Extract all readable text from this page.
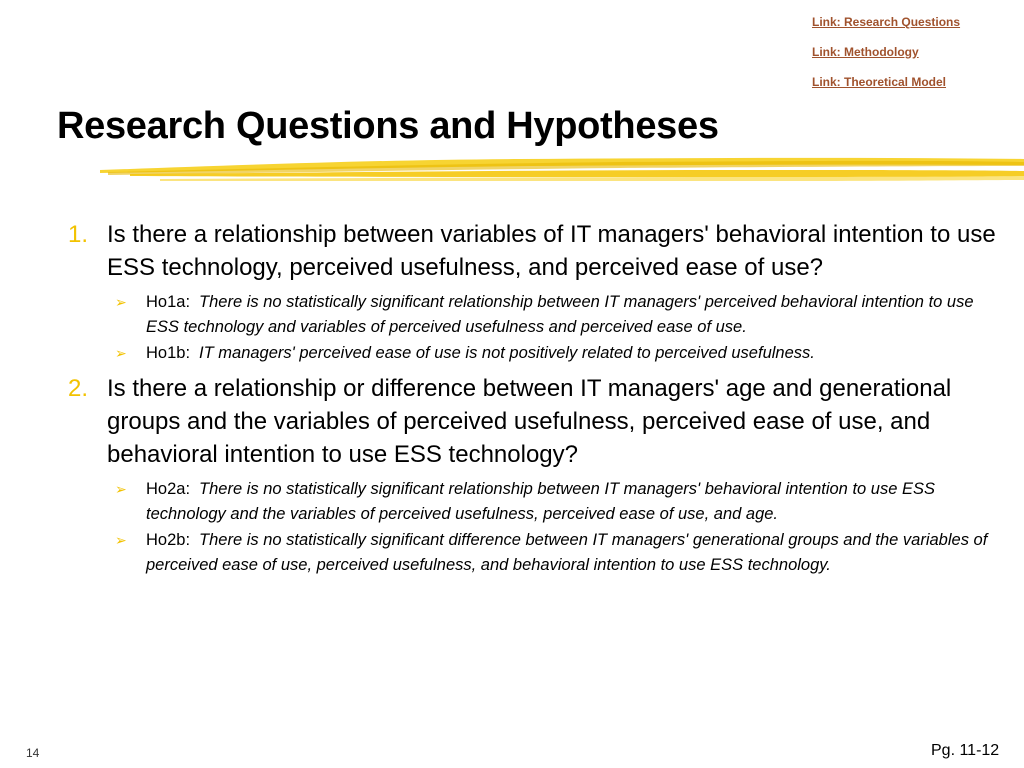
Link: Research Questions
Link: Methodology
Link: Theoretical Model
Research Questions and Hypotheses
1. Is there a relationship between variables of IT managers' behavioral intention to use ESS technology, perceived usefulness, and perceived ease of use?
➢ Ho1a: There is no statistically significant relationship between IT managers' perceived behavioral intention to use ESS technology and variables of perceived usefulness and perceived ease of use.
➢ Ho1b: IT managers' perceived ease of use is not positively related to perceived usefulness.
2. Is there a relationship or difference between IT managers' age and generational groups and the variables of perceived usefulness, perceived ease of use, and behavioral intention to use ESS technology?
➢ Ho2a: There is no statistically significant relationship between IT managers' behavioral intention to use ESS technology and the variables of perceived usefulness, perceived ease of use, and age.
➢ Ho2b: There is no statistically significant difference between IT managers' generational groups and the variables of perceived ease of use, perceived usefulness, and behavioral intention to use ESS technology.
14	Pg. 11-12
